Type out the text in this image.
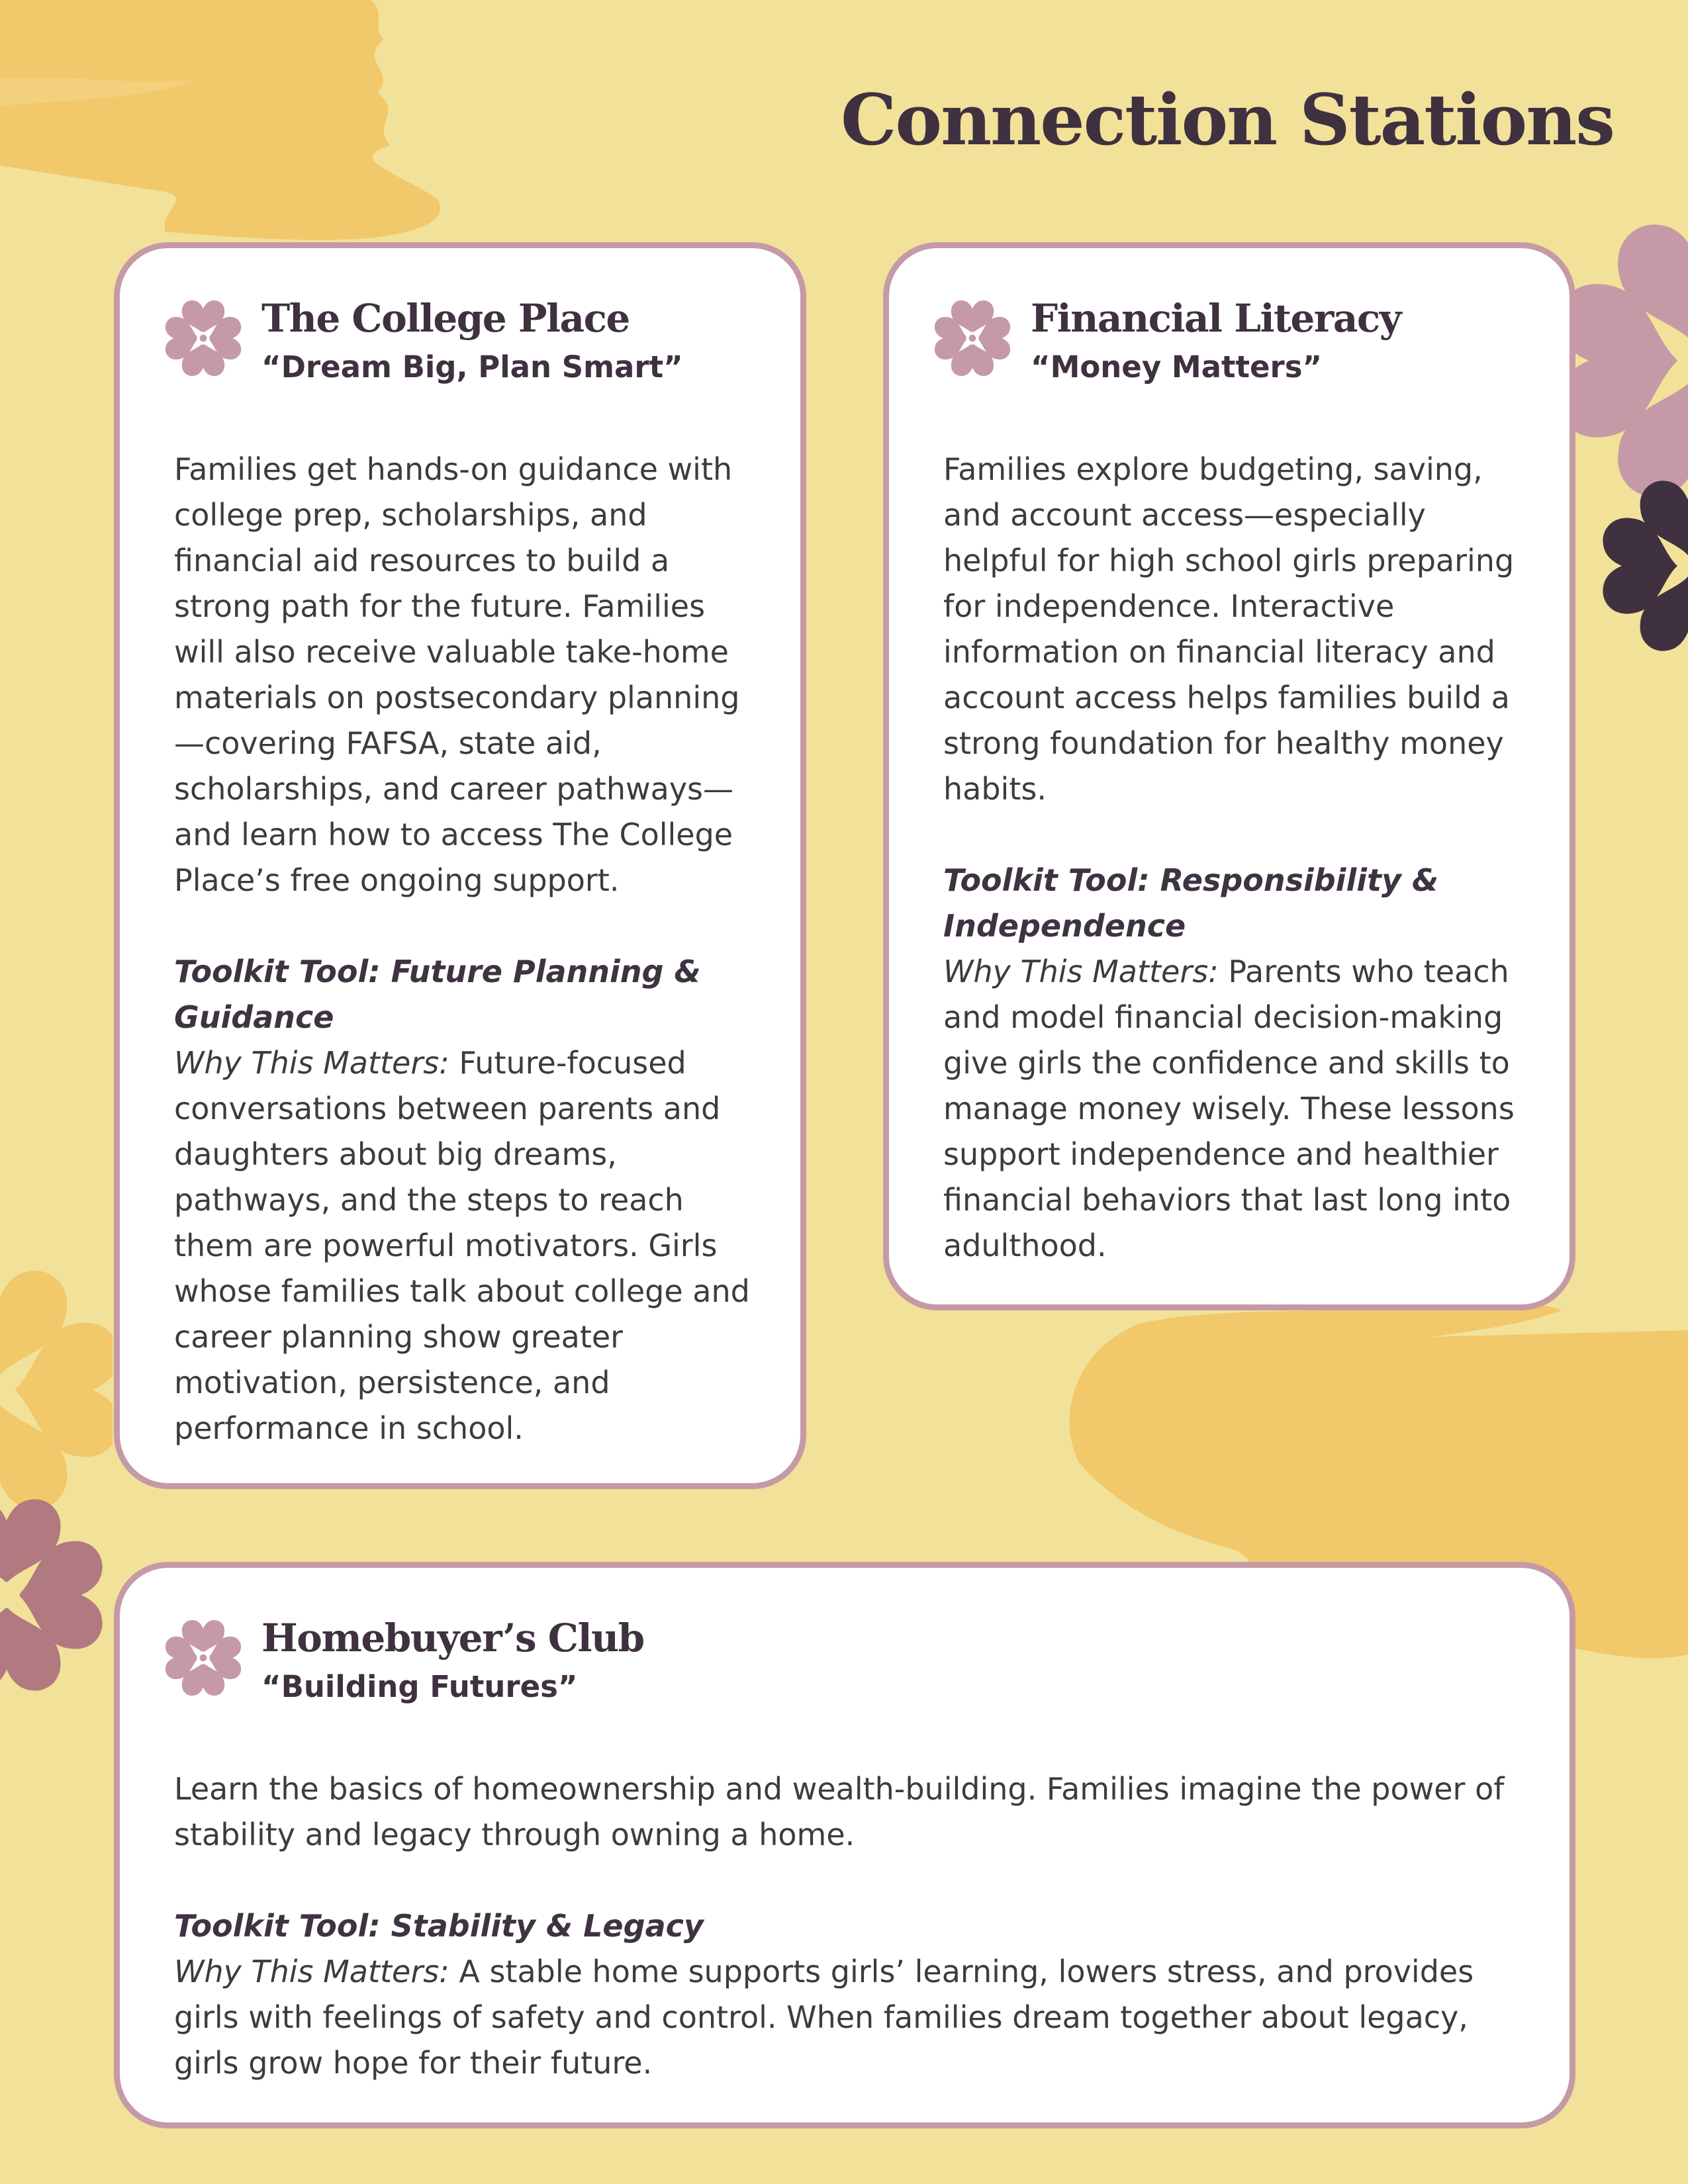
Connection Stations
The College Place
“Dream Big, Plan Smart”

Families get hands-on guidance with college prep, scholarships, and financial aid resources to build a strong path for the future. Families will also receive valuable take-home materials on postsecondary planning —covering FAFSA, state aid, scholarships, and career pathways— and learn how to access The College Place’s free ongoing support.

Toolkit Tool: Future Planning & Guidance

Why This Matters: Future-focused conversations between parents and daughters about big dreams, pathways, and the steps to reach them are powerful motivators. Girls whose families talk about college and career planning show greater motivation, persistence, and performance in school.

Financial Literacy
“Money Matters”

Families explore budgeting, saving, and account access—especially helpful for high school girls preparing for independence. Interactive information on financial literacy and account access helps families build a strong foundation for healthy money habits.

Toolkit Tool: Responsibility & Independence

Why This Matters: Parents who teach and model financial decision-making give girls the confidence and skills to manage money wisely. These lessons support independence and healthier financial behaviors that last long into adulthood.

Homebuyer’s Club
“Building Futures”

Learn the basics of homeownership and wealth-building. Families imagine the power of stability and legacy through owning a home.

Toolkit Tool: Stability & Legacy

Why This Matters: A stable home supports girls’ learning, lowers stress, and provides girls with feelings of safety and control. When families dream together about legacy, girls grow hope for their future.
